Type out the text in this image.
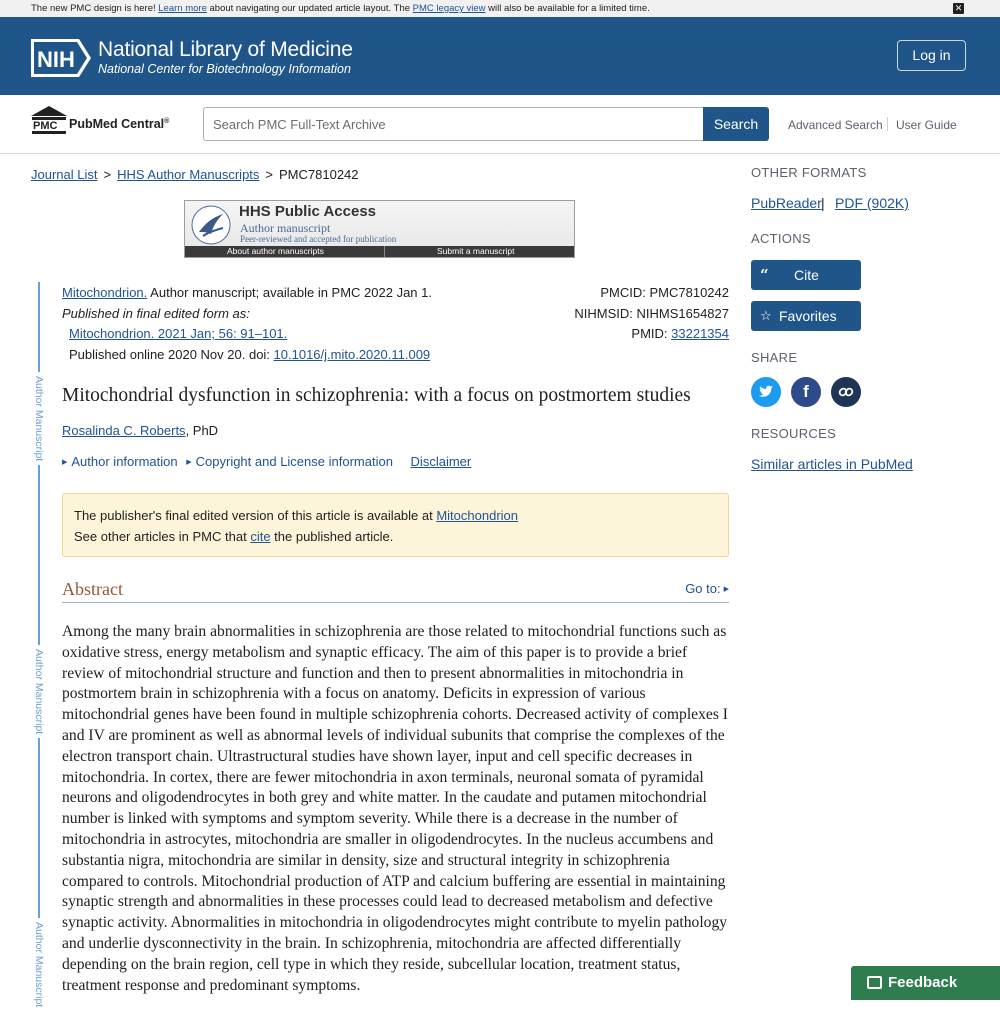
The new PMC design is here! Learn more about navigating our updated article layout. The PMC legacy view will also be available for a limited time.	✕
NIH National Library of Medicine
National Center for Biotechnology Information
Log in
PMC PubMed Central®
Search PMC Full-Text Archive	Search	Advanced Search User Guide
Journal List > HHS Author Manuscripts > PMC7810242
HHS Public Access
Author manuscript
Peer-reviewed and accepted for publication
About author manuscripts	Submit a manuscript
Author Manuscript
Author Manuscript
Author Manuscript
Mitochondrion. Author manuscript; available in PMC 2022 Jan 1.
Published in final edited form as:
Mitochondrion. 2021 Jan; 56: 91–101.
Published online 2020 Nov 20. doi: 10.1016/j.mito.2020.11.009
PMCID: PMC7810242
NIHMSID: NIHMS1654827
PMID: 33221354
Mitochondrial dysfunction in schizophrenia: with a focus on postmortem studies
Rosalinda C. Roberts, PhD
▶ Author information ▶ Copyright and License information Disclaimer
The publisher's final edited version of this article is available at Mitochondrion
See other articles in PMC that cite the published article.
Abstract	Go to: ▶
Among the many brain abnormalities in schizophrenia are those related to mitochondrial functions such as oxidative stress, energy metabolism and synaptic efficacy. The aim of this paper is to provide a brief review of mitochondrial structure and function and then to present abnormalities in mitochondria in postmortem brain in schizophrenia with a focus on anatomy. Deficits in expression of various mitochondrial genes have been found in multiple schizophrenia cohorts. Decreased activity of complexes I and IV are prominent as well as abnormal levels of individual subunits that comprise the complexes of the electron transport chain. Ultrastructural studies have shown layer, input and cell specific decreases in mitochondria. In cortex, there are fewer mitochondria in axon terminals, neuronal somata of pyramidal neurons and oligodendrocytes in both grey and white matter. In the caudate and putamen mitochondrial number is linked with symptoms and symptom severity. While there is a decrease in the number of mitochondria in astrocytes, mitochondria are smaller in oligodendrocytes. In the nucleus accumbens and substantia nigra, mitochondria are similar in density, size and structural integrity in schizophrenia compared to controls. Mitochondrial production of ATP and calcium buffering are essential in maintaining synaptic strength and abnormalities in these processes could lead to decreased metabolism and defective synaptic activity. Abnormalities in mitochondria in oligodendrocytes might contribute to myelin pathology and underlie dysconnectivity in the brain. In schizophrenia, mitochondria are affected differentially depending on the brain region, cell type in which they reside, subcellular location, treatment status, treatment response and predominant symptoms.
OTHER FORMATS
PubReader | PDF (902K)
ACTIONS
“ Cite
☆ Favorites
SHARE
f
RESOURCES
Similar articles in PubMed
Feedback
